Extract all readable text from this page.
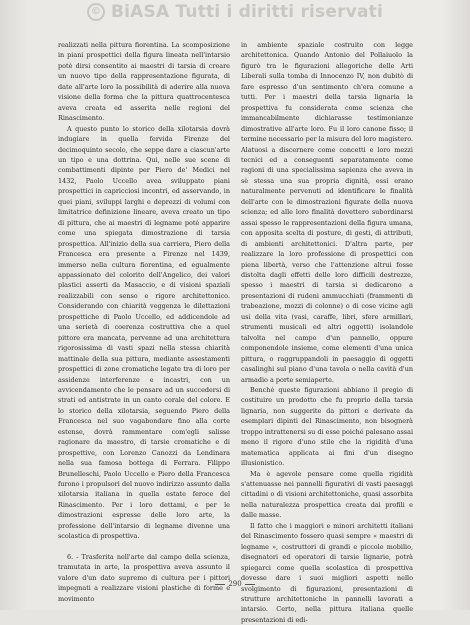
© BiASA Tutti i diritti riservati

realizzati nella pittura fiorentina. La scomposizione in piani prospettici della figura lineata nell'intarsio potè dirsi consentito ai maestri di tarsia di creare un nuovo tipo della rappresentazione figurata, di date all'arte loro la possibilità di aderire alla nuova visione della forma che la pittura quattrocentesca aveva creata ed asserita nelle regioni del Rinascimento.

A questo punto lo storico della xilotarsia dovrà indugiare in quella fervida Firenze del decimoquinto secolo, che seppe dare a ciascun'arte un tipo e una dottrina. Qui, nelle sue scene di combattimenti dipinte per Piero de' Medici nel 1432, Paolo Uccello avea sviluppato piani prospettici in capricciosi incontri, ed asservando, in quei piani, sviluppi larghi e deprezzi di volumi con limitatrice definizione lineare, aveva creato un tipo di pittura, che ai maestri di legname poté apparire come una spiegata dimostrazione di tarsia prospettica. All'inizio della sua carriera, Piero della Francesca era presente a Firenze nel 1439, immerso nella cultura fiorentina, ed egualmente appassionato del colorito dell'Angelico, dei valori plastici asserti da Masaccio, e di visioni spaziali realizzabili con senso e rigore architettonico. Considerando con chiarità veggenza le dilettazioni prospettiche di Paolo Uccello, ed addicendole ad una serietà di coerenza costruttiva che a quel pittore era mancata, pervenne ad una architettura rigorosissima di vasti spazi nella stessa chiarità mattinale della sua pittura, mediante assestamenti prospettici di zone cromatiche legate tra di loro per assidenze interferenze e incastri, con un avvicendamento che le pensare ad un succedersi di strati ed antistrate in un canto corale del colore. E lo storico della xilotarsia, seguendo Piero della Francesca nel suo vagabondare fino alla corte estense, dovrà rammentare com'egli salisse ragionare da maestro, di tarsie cromatiche e di prospettive, con Lorenzo Canozzi da Lendinara nella sua famosa bottega di Ferrara. Filippo Brunelleschi, Paolo Uccello e Piero della Francesca furono i propulsori del nuovo indirizzo assunto dalla xilotarsia italiana in quella estate feroce del Rinascimento. Per i loro dettami, e per le dimostrazioni espresse delle loro arte, la professione dell'intarsio di legname divenne una scolastica di prospettiva.

6. - Trasferita nell'arte dal campo della scienza, tramutata in arte, la prospettiva aveva assunto il valore d'un dato supremo di cultura per i pittori impegnati a realizzare visioni plastiche di forme e movimento

in ambiente spaziale costruito con legge architettonica. Quando Antonio del Pollaiuolo la figurò tra le figurazioni allegoriche delle Arti Liberali sulla tomba di Innocenzo IV, non dubitò di fare espresso d'un sentimento ch'era comune a tutti. Per i maestri della tarsia lignaria la prospettiva fu considerata come scienza che immancabilmente dichiarasse testimonianze dimostrative all'arte loro. Fu il loro canone fisso; il termine necessario per la misura del loro magistero. Alatuosi a discernere come concetti e loro mezzi tecnici ed a conseguenti separatamente come ragioni di una specialissima sapienza che aveva in sè stessa una sua propria dignità, essi erano naturalmente pervenuti ad identificare le finalità dell'arte con le dimostrazioni figurate della nuova scienza; ed alle loro finalità dovettero subordinarsi assai spesso le rappresentazioni della figura umana, con apposita scelta di posture, di gesti, di attributi, di ambienti architettonici. D'altra parte, per realizzare la loro professione di prospettici con piena libertà, verso che l'attenzione altrui fosse distolta dagli effetti delle loro difficili destrezze, spesso i maestri di tarsia si dedicarono a presentazioni di rudeni ammucchiati (frammenti di trabeazione, mozzi di colonne) o di cose vicine agli usi della vita (vasi, caraffe, libri, sfere armillari, strumenti musicali ed altri oggetti) isolandole talvolta nel campo d'un pannello, oppure componendole insieme, come elementi d'una unica pittura, o raggruppandoli in paesaggio di oggetti casalinghi sul piano d'una tavola o nella cavità d'un armadio a porte semiaperte.

Benché queste figurazioni abbiano il pregio di costituire un prodotto che fu proprio della tarsia lignaria, non suggerite da pittori e derivate da esemplari dipinti del Rinascimento, non bisognerà troppo intrattenersi su di esse poiché palesano assai meno il rigore d'uno stile che la rigidità d'una matematica applicata ai fini d'un disegno illusionistico.

Ma è agevole pensare come quella rigidità s'attenuasse nei pannelli figurativi di vasti paesaggi cittadini o di visioni architettoniche, quasi assorbita nella naturalezza prospettica creata dai profili e dalle masse.

Il fatto che i maggiori e minori architetti italiani del Rinascimento fossero quasi sempre « maestri di legname », costruttori di grandi e piccole mobilio, disegnatori ed operatori di tarsie lignarie, potrà spiegarci come quella scolastica di prospettiva dovesse dare i suoi migliori aspetti nello svolgimento di figurazioni, presentazioni di strutture architettoniche in pannelli lavorati a intarsio. Certo, nella pittura italiana quelle presentazioni di edi-

290
